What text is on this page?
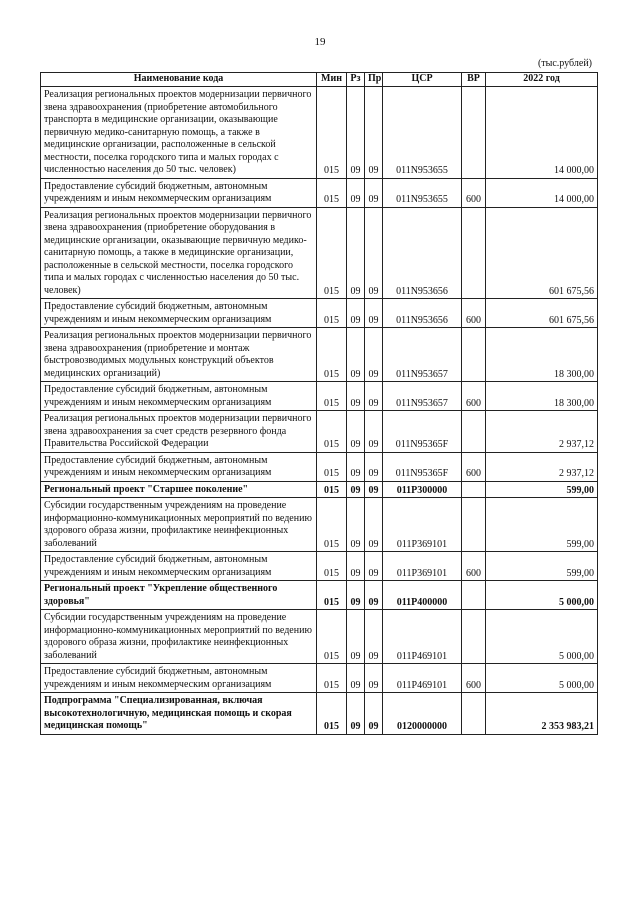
19
(тыс.рублей)
Наименование кода	Мин	Рз	Пр	ЦСР	ВР	2022 год
Реализация региональных проектов модернизации первичного звена здравоохранения (приобретение автомобильного транспорта в медицинские организации, оказывающие первичную медико-санитарную помощь, а также в медицинские организации, расположенные в сельской местности, поселка городского типа и малых городах с численностью населения до 50 тыс. человек)	015	09	09	011N953655		14 000,00
Предоставление субсидий бюджетным, автономным учреждениям и иным некоммерческим организациям	015	09	09	011N953655	600	14 000,00
Реализация региональных проектов модернизации первичного звена здравоохранения (приобретение оборудования в медицинские организации, оказывающие первичную медико-санитарную помощь, а также в медицинские организации, расположенные в сельской местности, поселка городского типа и малых городах с численностью населения до 50 тыс. человек)	015	09	09	011N953656		601 675,56
Предоставление субсидий бюджетным, автономным учреждениям и иным некоммерческим организациям	015	09	09	011N953656	600	601 675,56
Реализация региональных проектов модернизации первичного звена здравоохранения (приобретение и монтаж быстровозводимых модульных конструкций объектов медицинских организаций)	015	09	09	011N953657		18 300,00
Предоставление субсидий бюджетным, автономным учреждениям и иным некоммерческим организациям	015	09	09	011N953657	600	18 300,00
Реализация региональных проектов модернизации первичного звена здравоохранения за счет средств резервного фонда Правительства Российской Федерации	015	09	09	011N95365F		2 937,12
Предоставление субсидий бюджетным, автономным учреждениям и иным некоммерческим организациям	015	09	09	011N95365F	600	2 937,12
Региональный проект "Старшее поколение"	015	09	09	011P300000		599,00
Субсидии государственным учреждениям на проведение информационно-коммуникационных мероприятий по ведению здорового образа жизни, профилактике неинфекционных заболеваний	015	09	09	011P369101		599,00
Предоставление субсидий бюджетным, автономным учреждениям и иным некоммерческим организациям	015	09	09	011P369101	600	599,00
Региональный проект "Укрепление общественного здоровья"	015	09	09	011P400000		5 000,00
Субсидии государственным учреждениям на проведение информационно-коммуникационных мероприятий по ведению здорового образа жизни, профилактике неинфекционных заболеваний	015	09	09	011P469101		5 000,00
Предоставление субсидий бюджетным, автономным учреждениям и иным некоммерческим организациям	015	09	09	011P469101	600	5 000,00
Подпрограмма "Специализированная, включая высокотехнологичную, медицинская помощь и скорая медицинская помощь"	015	09	09	0120000000		2 353 983,21
